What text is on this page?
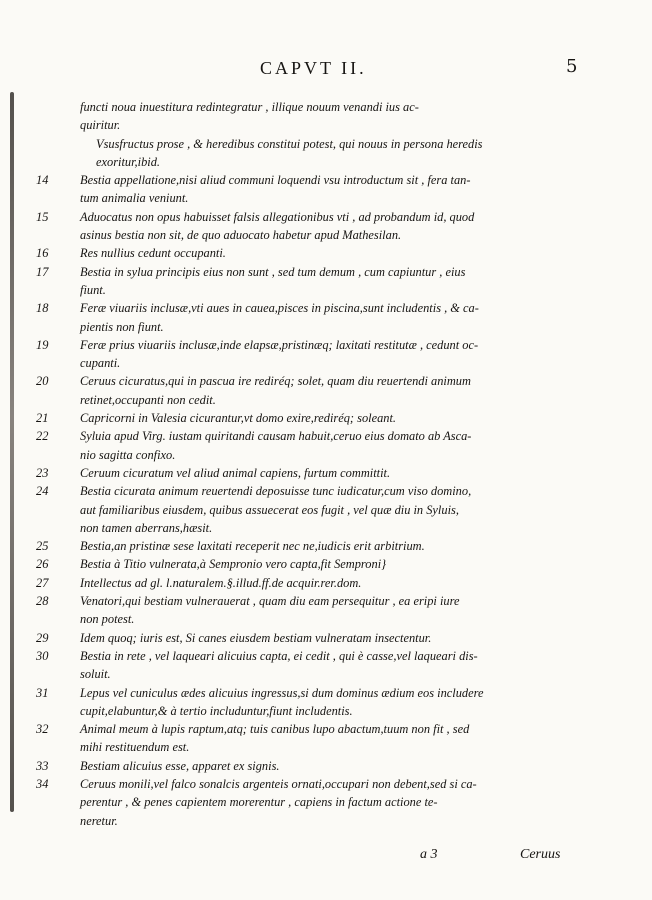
CAPVT II.	5
functi noua inuestitura redintegratur , illique nouum venandi ius ac-
quiritur.
Vsusfructus prose , & heredibus constitui potest, qui nouus in persona heredis
exoritur,ibid.
14	Bestia appellatione,nisi aliud communi loquendi vsu introductum sit , fera tan-
tum animalia veniunt.
15	Aduocatus non opus habuisset falsis allegationibus vti , ad probandum id, quod
asinus bestia non sit, de quo aduocato habetur apud Mathesilan.
16	Res nullius cedunt occupanti.
17	Bestia in sylua principis eius non sunt , sed tum demum , cum capiuntur , eius
fiunt.
18	Feræ viuariis inclusæ,vti aues in cauea,pisces in piscina,sunt includentis , & ca-
pientis non fiunt.
19	Feræ prius viuariis inclusæ,inde elapsæ,pristinæq; laxitati restitutæ , cedunt oc-
cupanti.
20	Ceruus cicuratus,qui in pascua ire rediréq; solet, quam diu reuertendi animum
retinet,occupanti non cedit.
21	Capricorni in Valesia cicurantur,vt domo exire,rediréq; soleant.
22	Syluia apud Virg. iustam quiritandi causam habuit,ceruo eius domato ab Asca-
nio sagitta confixo.
23	Ceruum cicuratum vel aliud animal capiens, furtum committit.
24	Bestia cicurata animum reuertendi deposuisse tunc iudicatur,cum viso domino,
aut familiaribus eiusdem, quibus assuecerat eos fugit , vel quæ diu in Syluis,
non tamen aberrans,hæsit.
25	Bestia,an pristinæ sese laxitati receperit nec ne,iudicis erit arbitrium.
26	Bestia à Titio vulnerata,à Sempronio vero capta,fit Semproni}
27	Intellectus ad gl. l.naturalem.§.illud.ff.de acquir.rer.dom.
28	Venatori,qui bestiam vulnerauerat , quam diu eam persequitur , ea eripi iure
non potest.
29	Idem quoq; iuris est, Si canes eiusdem bestiam vulneratam insectentur.
30	Bestia in rete , vel laqueari alicuius capta, ei cedit , qui è casse,vel laqueari dis-
soluit.
31	Lepus vel cuniculus ædes alicuius ingressus,si dum dominus ædium eos includere
cupit,elabuntur,& à tertio includuntur,fiunt includentis.
32	Animal meum à lupis raptum,atq; tuis canibus lupo abactum,tuum non fit , sed
mihi restituendum est.
33	Bestiam alicuius esse, apparet ex signis.
34	Ceruus monili,vel falco sonalcis argenteis ornati,occupari non debent,sed si ca-
perentur , & penes capientem morerentur , capiens in factum actione te-
neretur.
a 3	Ceruus
